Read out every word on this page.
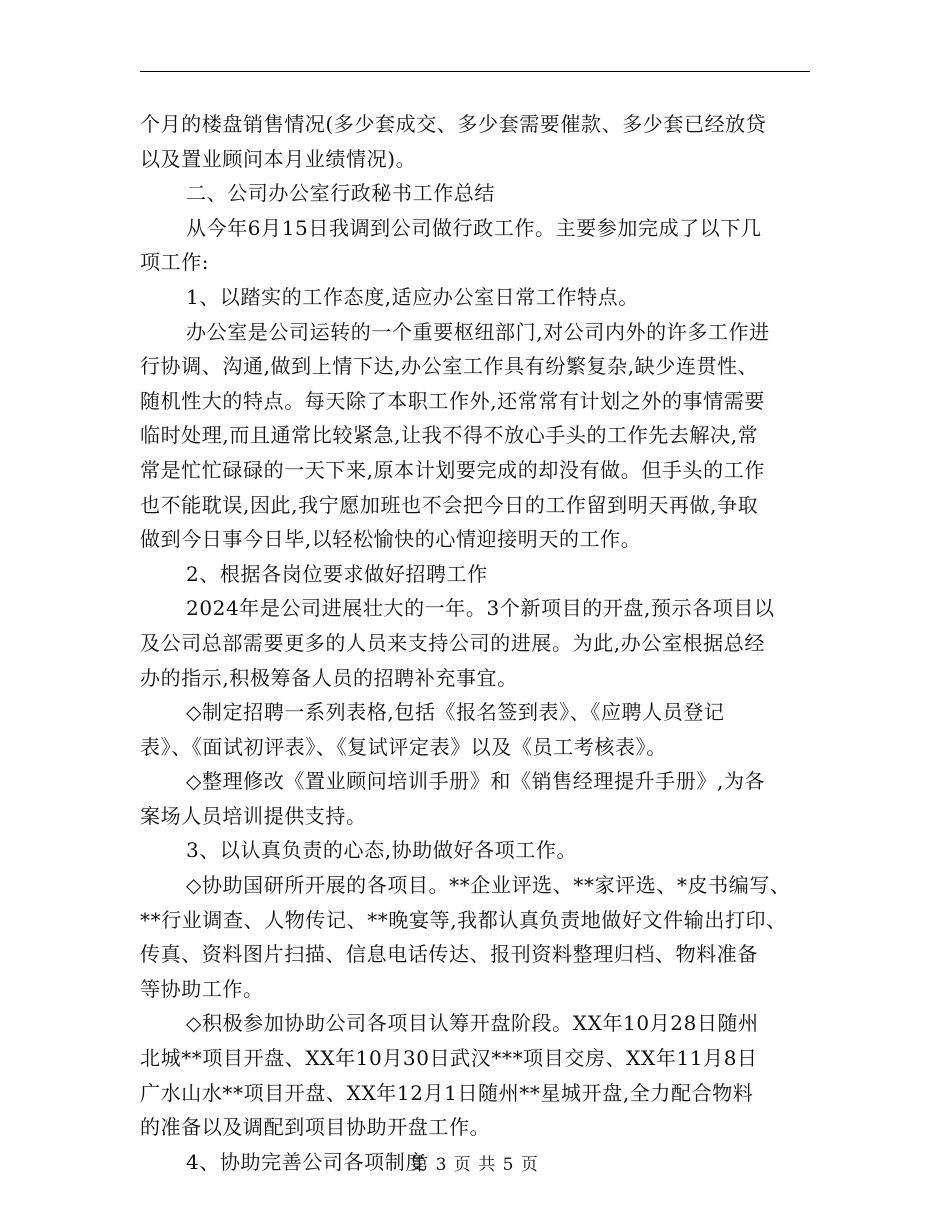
个月的楼盘销售情况(多少套成交、多少套需要催款、多少套已经放贷
以及置业顾问本月业绩情况)。
二、公司办公室行政秘书工作总结
从今年6月15日我调到公司做行政工作。主要参加完成了以下几
项工作:
1、以踏实的工作态度,适应办公室日常工作特点。
办公室是公司运转的一个重要枢纽部门,对公司内外的许多工作进
行协调、沟通,做到上情下达,办公室工作具有纷繁复杂,缺少连贯性、
随机性大的特点。每天除了本职工作外,还常常有计划之外的事情需要
临时处理,而且通常比较紧急,让我不得不放心手头的工作先去解决,常
常是忙忙碌碌的一天下来,原本计划要完成的却没有做。但手头的工作
也不能耽误,因此,我宁愿加班也不会把今日的工作留到明天再做,争取
做到今日事今日毕,以轻松愉快的心情迎接明天的工作。
2、根据各岗位要求做好招聘工作
2024年是公司进展壮大的一年。3个新项目的开盘,预示各项目以
及公司总部需要更多的人员来支持公司的进展。为此,办公室根据总经
办的指示,积极筹备人员的招聘补充事宜。
◇制定招聘一系列表格,包括《报名签到表》、《应聘人员登记
表》、《面试初评表》、《复试评定表》以及《员工考核表》。
◇整理修改《置业顾问培训手册》和《销售经理提升手册》,为各
案场人员培训提供支持。
3、以认真负责的心态,协助做好各项工作。
◇协助国研所开展的各项目。**企业评选、**家评选、*皮书编写、
**行业调查、人物传记、**晚宴等,我都认真负责地做好文件输出打印、
传真、资料图片扫描、信息电话传达、报刊资料整理归档、物料准备
等协助工作。
◇积极参加协助公司各项目认筹开盘阶段。XX年10月28日随州
北城**项目开盘、XX年10月30日武汉***项目交房、XX年11月8日
广水山水**项目开盘、XX年12月1日随州**星城开盘,全力配合物料
的准备以及调配到项目协助开盘工作。
4、协助完善公司各项制度
第 3 页 共 5 页
